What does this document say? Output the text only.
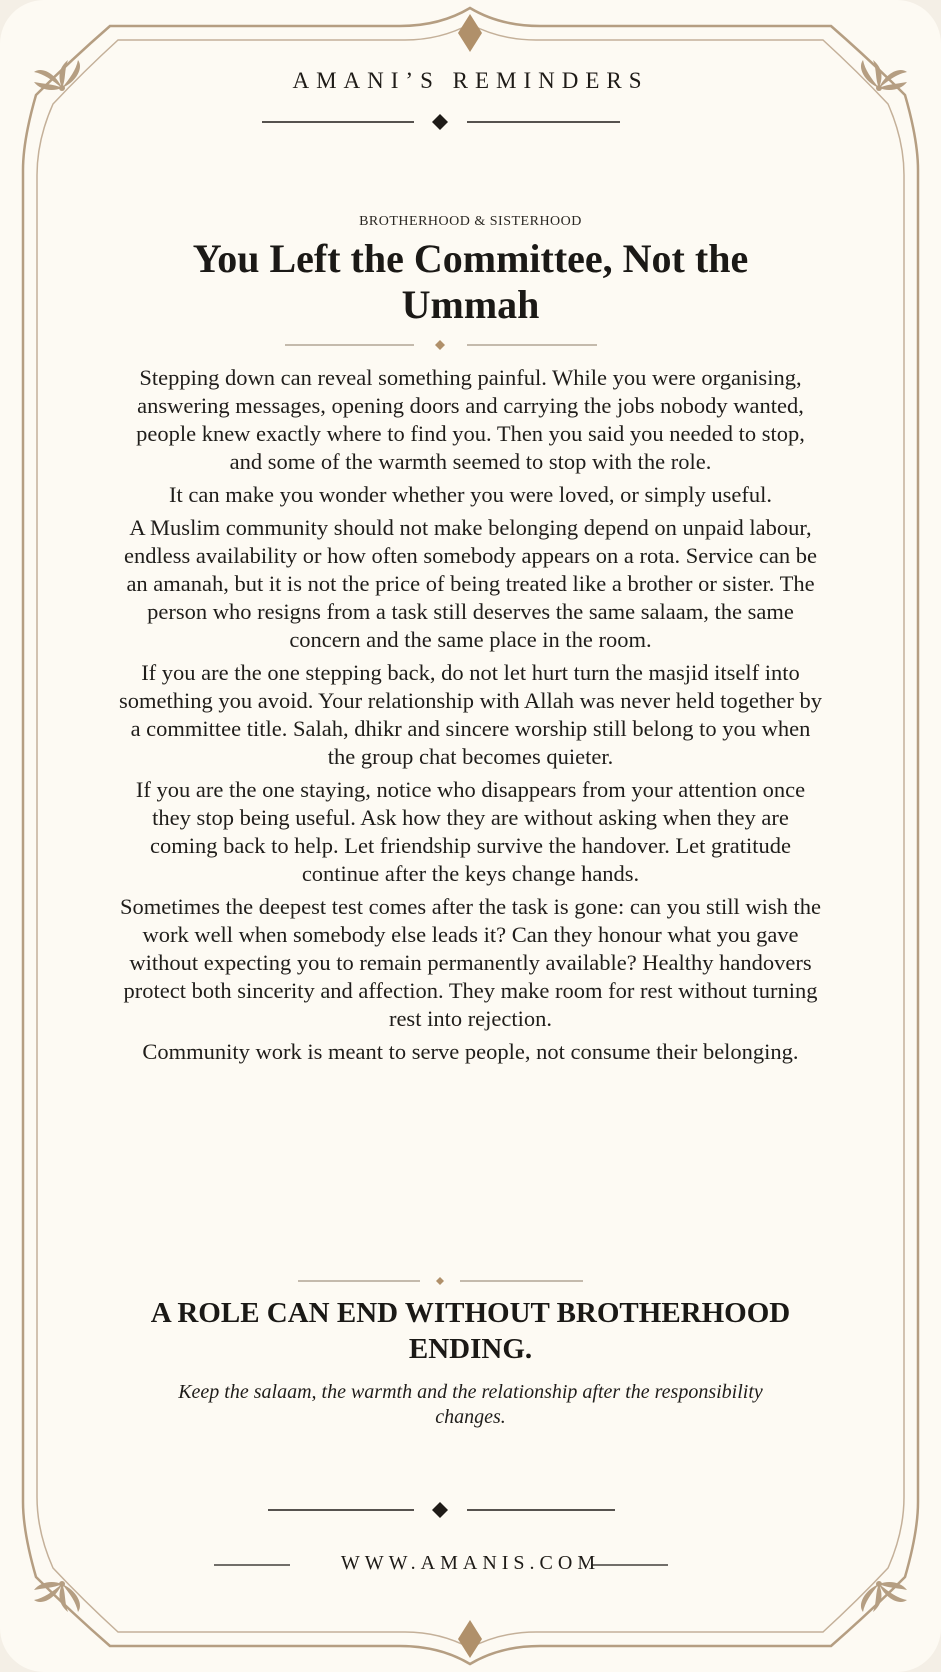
AMANI’S REMINDERS
BROTHERHOOD & SISTERHOOD
You Left the Committee, Not the Ummah

Stepping down can reveal something painful. While you were organising, answering messages, opening doors and carrying the jobs nobody wanted, people knew exactly where to find you. Then you said you needed to stop, and some of the warmth seemed to stop with the role.

It can make you wonder whether you were loved, or simply useful.

A Muslim community should not make belonging depend on unpaid labour, endless availability or how often somebody appears on a rota. Service can be an amanah, but it is not the price of being treated like a brother or sister. The person who resigns from a task still deserves the same salaam, the same concern and the same place in the room.

If you are the one stepping back, do not let hurt turn the masjid itself into something you avoid. Your relationship with Allah was never held together by a committee title. Salah, dhikr and sincere worship still belong to you when the group chat becomes quieter.

If you are the one staying, notice who disappears from your attention once they stop being useful. Ask how they are without asking when they are coming back to help. Let friendship survive the handover. Let gratitude continue after the keys change hands.

Sometimes the deepest test comes after the task is gone: can you still wish the work well when somebody else leads it? Can they honour what you gave without expecting you to remain permanently available? Healthy handovers protect both sincerity and affection. They make room for rest without turning rest into rejection.

Community work is meant to serve people, not consume their belonging.

A ROLE CAN END WITHOUT BROTHERHOOD ENDING.
Keep the salaam, the warmth and the relationship after the responsibility changes.
WWW.AMANIS.COM
